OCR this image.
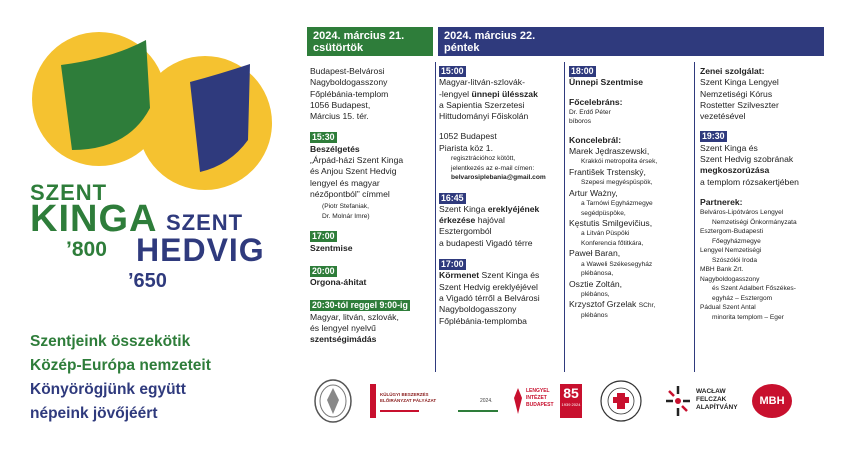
SZENT
KINGA
’800
SZENT
HEDVIG
’650
Szentjeink összekötik
Közép-Európa nemzeteit
Könyörögjünk együtt
népeink jövőjéért
2024. március 21.
csütörtök
2024. március 22.
péntek
Budapest-Belvárosi
Nagyboldogasszony
Főplébánia-templom
1056 Budapest,
Március 15. tér.
15:30
Beszélgetés
„Árpád-házi Szent Kinga
és Anjou Szent Hedvig
lengyel és magyar
nézőpontból” címmel
(Piotr Stefaniak,
Dr. Molnár Imre)
17:00
Szentmise
20:00
Orgona-áhitat
20:30-tól reggel 9:00-ig
Magyar, litván, szlovák,
és lengyel nyelvű
szentségimádás
15:00
Magyar-litván-szlovák-
-lengyel ünnepi ülésszak
a Sapientia Szerzetesi
Hittudományi Főiskolán
1052 Budapest
Piarista köz 1.
regisztrációhoz kötött,
jelentkezés az e-mail címen:
belvarosiplebania@gmail.com
16:45
Szent Kinga ereklyéjének
érkezése hajóval
Esztergomból
a budapesti Vigadó térre
17:00
Körmenet Szent Kinga és
Szent Hedvig ereklyéjével
a Vigadó térről a Belvárosi
Nagyboldogasszony
Főplébánia-templomba
18:00
Ünnepi Szentmise
Főcelebráns:
Dr. Erdő Péter
bíboros
Koncelebrál:
Marek Jędraszewski,
Krakkói metropolita érsek,
František Trstenský,
Szepesi megyéspüspök,
Artur Ważny,
a Tarnówi Egyházmegye
segédpüspöke,
Kęstutis Smilgevičius,
a Litván Püspöki
Konferencia főtitkára,
Paweł Baran,
a Waweli Székesegyház
plébánosa,
Osztie Zoltán,
plébános,
Krzysztof Grzelak SChr,
plébános
Zenei szolgálat:
Szent Kinga Lengyel
Nemzetiségi Kórus
Rostetter Szilveszter
vezetésével
19:30
Szent Kinga és
Szent Hedvig szobrának
megkoszorúzása
a templom rózsakertjében
Partnerek:
Belváros-Lipótváros Lengyel
Nemzetiségi Önkormányzata
Esztergom-Budapesti
Főegyházmegye
Lengyel Nemzetiségi
Szószólói Iroda
MBH Bank Zrt.
Nagyboldogasszony
és Szent Adalbert Főszékes-
egyház – Esztergom
Pádual Szent Antal
minorita templom – Eger
KÜLÜGYI BESZERZÉS
ELŐIRÁNYZAT PÁLYÁZAT	2024.
LENGYEL
INTÉZET
BUDAPEST
85
1939 2024
WACŁAW
FELCZAK
ALAPÍTVÁNY
MBH
